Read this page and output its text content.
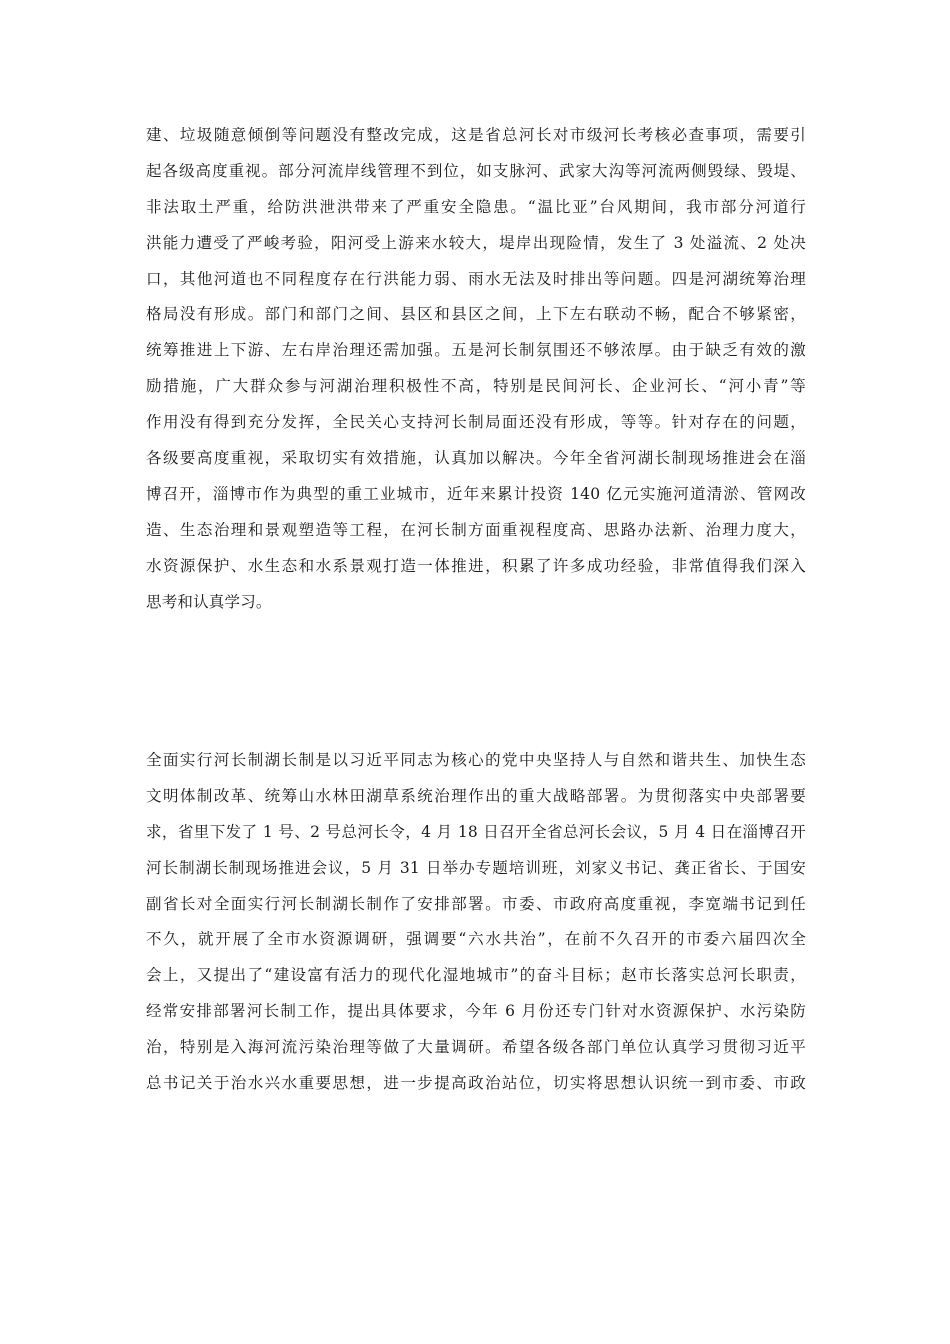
建、垃圾随意倾倒等问题没有整改完成，这是省总河长对市级河长考核必查事项，需要引
起各级高度重视。部分河流岸线管理不到位，如支脉河、武家大沟等河流两侧毁绿、毁堤、
非法取土严重，给防洪泄洪带来了严重安全隐患。“温比亚”台风期间，我市部分河道行
洪能力遭受了严峻考验，阳河受上游来水较大，堤岸出现险情，发生了 3 处溢流、2 处决
口，其他河道也不同程度存在行洪能力弱、雨水无法及时排出等问题。四是河湖统筹治理
格局没有形成。部门和部门之间、县区和县区之间，上下左右联动不畅，配合不够紧密，
统筹推进上下游、左右岸治理还需加强。五是河长制氛围还不够浓厚。由于缺乏有效的激
励措施，广大群众参与河湖治理积极性不高，特别是民间河长、企业河长、“河小青”等
作用没有得到充分发挥，全民关心支持河长制局面还没有形成，等等。针对存在的问题，
各级要高度重视，采取切实有效措施，认真加以解决。今年全省河湖长制现场推进会在淄
博召开，淄博市作为典型的重工业城市，近年来累计投资 140 亿元实施河道清淤、管网改
造、生态治理和景观塑造等工程，在河长制方面重视程度高、思路办法新、治理力度大，
水资源保护、水生态和水系景观打造一体推进，积累了许多成功经验，非常值得我们深入
思考和认真学习。
全面实行河长制湖长制是以习近平同志为核心的党中央坚持人与自然和谐共生、加快生态
文明体制改革、统筹山水林田湖草系统治理作出的重大战略部署。为贯彻落实中央部署要
求，省里下发了 1 号、2 号总河长令，4 月 18 日召开全省总河长会议，5 月 4 日在淄博召开
河长制湖长制现场推进会议，5 月 31 日举办专题培训班，刘家义书记、龚正省长、于国安
副省长对全面实行河长制湖长制作了安排部署。市委、市政府高度重视，李宽端书记到任
不久，就开展了全市水资源调研，强调要“六水共治”，在前不久召开的市委六届四次全
会上，又提出了“建设富有活力的现代化湿地城市”的奋斗目标；赵市长落实总河长职责，
经常安排部署河长制工作，提出具体要求，今年 6 月份还专门针对水资源保护、水污染防
治，特别是入海河流污染治理等做了大量调研。希望各级各部门单位认真学习贯彻习近平
总书记关于治水兴水重要思想，进一步提高政治站位，切实将思想认识统一到市委、市政
